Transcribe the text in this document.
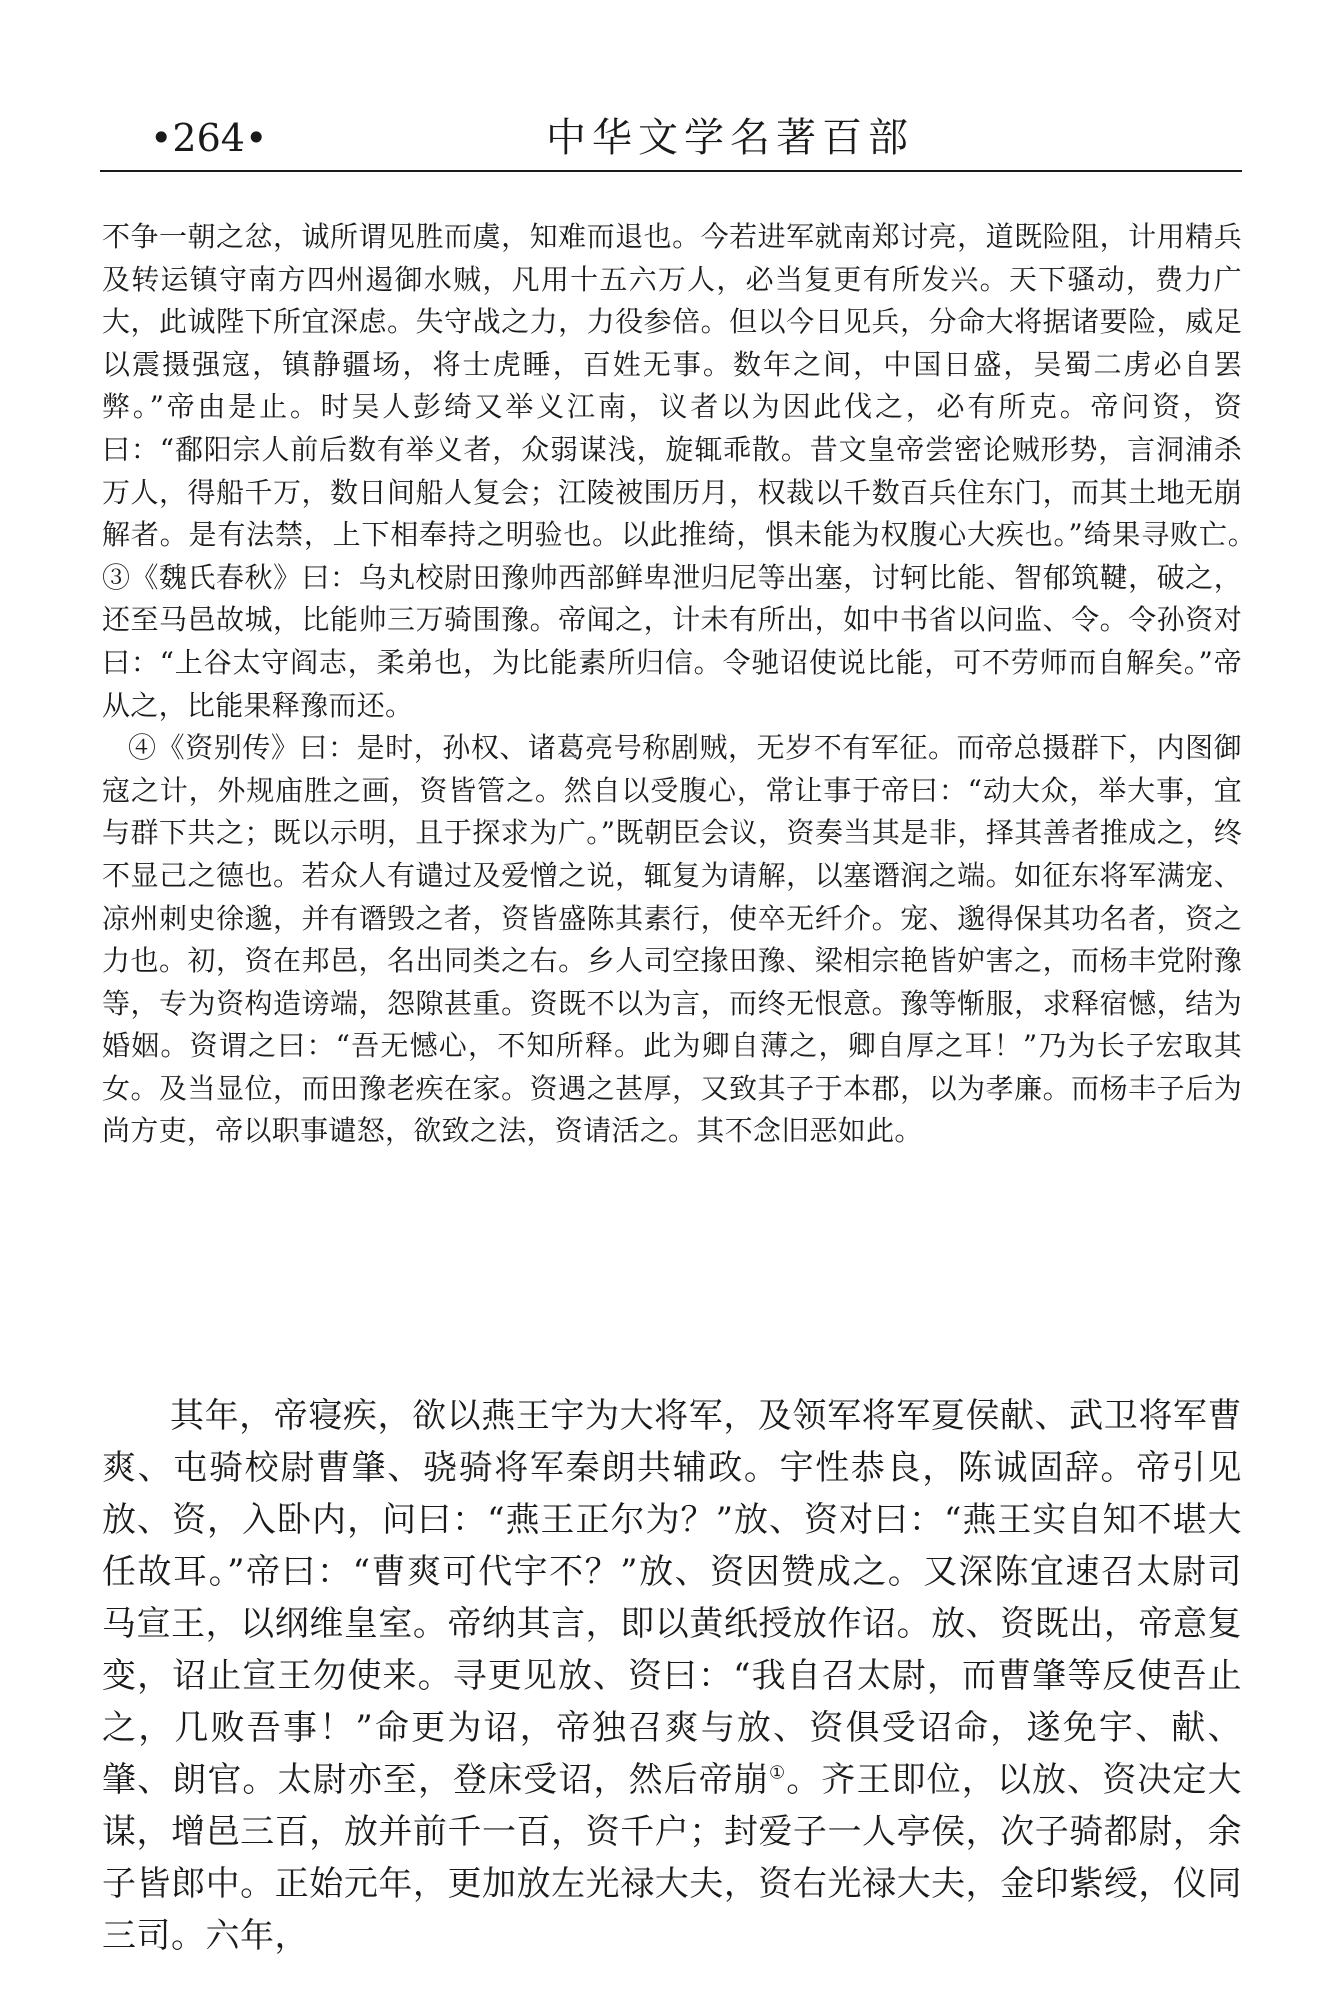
•264•	中华文学名著百部

不争一朝之忿，诚所谓见胜而虞，知难而退也。今若进军就南郑讨亮，道既险阻，计用精兵及转运镇守南方四州遏御水贼，凡用十五六万人，必当复更有所发兴。天下骚动，费力广大，此诚陛下所宜深虑。失守战之力，力役参倍。但以今日见兵，分命大将据诸要险，威足以震摄强寇，镇静疆场，将士虎睡，百姓无事。数年之间，中国日盛，吴蜀二虏必自罢弊。”帝由是止。时吴人彭绮又举义江南，议者以为因此伐之，必有所克。帝问资，资曰：“鄱阳宗人前后数有举义者，众弱谋浅，旋辄乖散。昔文皇帝尝密论贼形势，言洞浦杀万人，得船千万，数日间船人复会；江陵被围历月，权裁以千数百兵住东门，而其土地无崩解者。是有法禁，上下相奉持之明验也。以此推绮，惧未能为权腹心大疾也。”绮果寻败亡。　③《魏氏春秋》曰：乌丸校尉田豫帅西部鲜卑泄归尼等出塞，讨轲比能、智郁筑鞬，破之，还至马邑故城，比能帅三万骑围豫。帝闻之，计未有所出，如中书省以问监、令。令孙资对曰：“上谷太守阎志，柔弟也，为比能素所归信。令驰诏使说比能，可不劳师而自解矣。”帝从之，比能果释豫而还。

④《资别传》曰：是时，孙权、诸葛亮号称剧贼，无岁不有军征。而帝总摄群下，内图御寇之计，外规庙胜之画，资皆管之。然自以受腹心，常让事于帝曰：“动大众，举大事，宜与群下共之；既以示明，且于探求为广。”既朝臣会议，资奏当其是非，择其善者推成之，终不显己之德也。若众人有谴过及爱憎之说，辄复为请解，以塞谮润之端。如征东将军满宠、凉州刺史徐邈，并有谮毁之者，资皆盛陈其素行，使卒无纤介。宠、邈得保其功名者，资之力也。初，资在邦邑，名出同类之右。乡人司空掾田豫、梁相宗艳皆妒害之，而杨丰党附豫等，专为资构造谤端，怨隙甚重。资既不以为言，而终无恨意。豫等惭服，求释宿憾，结为婚姻。资谓之曰：“吾无憾心，不知所释。此为卿自薄之，卿自厚之耳！”乃为长子宏取其女。及当显位，而田豫老疾在家。资遇之甚厚，又致其子于本郡，以为孝廉。而杨丰子后为尚方吏，帝以职事谴怒，欲致之法，资请活之。其不念旧恶如此。

其年，帝寝疾，欲以燕王宇为大将军，及领军将军夏侯献、武卫将军曹爽、屯骑校尉曹肇、骁骑将军秦朗共辅政。宇性恭良，陈诚固辞。帝引见放、资，入卧内，问曰：“燕王正尔为？”放、资对曰：“燕王实自知不堪大任故耳。”帝曰：“曹爽可代宇不？”放、资因赞成之。又深陈宜速召太尉司马宣王，以纲维皇室。帝纳其言，即以黄纸授放作诏。放、资既出，帝意复变，诏止宣王勿使来。寻更见放、资曰：“我自召太尉，而曹肇等反使吾止之，几败吾事！”命更为诏，帝独召爽与放、资俱受诏命，遂免宇、献、肇、朗官。太尉亦至，登床受诏，然后帝崩①。齐王即位，以放、资决定大谋，增邑三百，放并前千一百，资千户；封爱子一人亭侯，次子骑都尉，余子皆郎中。正始元年，更加放左光禄大夫，资右光禄大夫，金印紫绶，仪同三司。六年，
